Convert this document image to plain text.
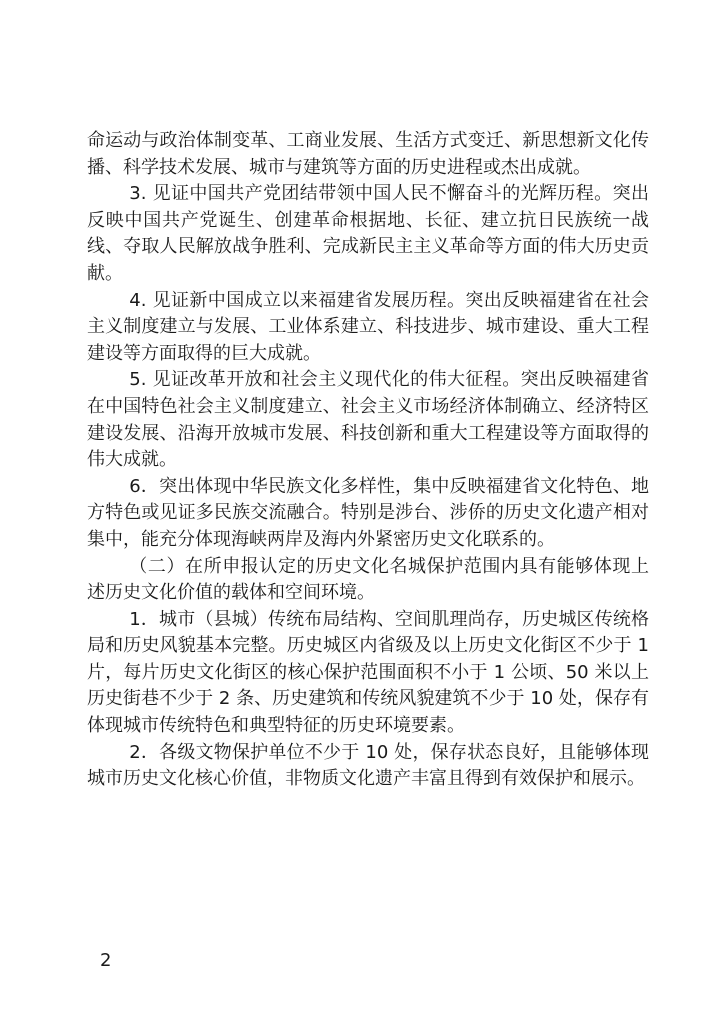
命运动与政治体制变革、工商业发展、生活方式变迁、新思想新文化传播、科学技术发展、城市与建筑等方面的历史进程或杰出成就。

3. 见证中国共产党团结带领中国人民不懈奋斗的光辉历程。突出反映中国共产党诞生、创建革命根据地、长征、建立抗日民族统一战线、夺取人民解放战争胜利、完成新民主主义革命等方面的伟大历史贡献。

4. 见证新中国成立以来福建省发展历程。突出反映福建省在社会主义制度建立与发展、工业体系建立、科技进步、城市建设、重大工程建设等方面取得的巨大成就。

5. 见证改革开放和社会主义现代化的伟大征程。突出反映福建省在中国特色社会主义制度建立、社会主义市场经济体制确立、经济特区建设发展、沿海开放城市发展、科技创新和重大工程建设等方面取得的伟大成就。

6．突出体现中华民族文化多样性，集中反映福建省文化特色、地方特色或见证多民族交流融合。特别是涉台、涉侨的历史文化遗产相对集中，能充分体现海峡两岸及海内外紧密历史文化联系的。

（二）在所申报认定的历史文化名城保护范围内具有能够体现上述历史文化价值的载体和空间环境。

1．城市（县城）传统布局结构、空间肌理尚存，历史城区传统格局和历史风貌基本完整。历史城区内省级及以上历史文化街区不少于 1 片，每片历史文化街区的核心保护范围面积不小于 1 公顷、50 米以上历史街巷不少于 2 条、历史建筑和传统风貌建筑不少于 10 处，保存有体现城市传统特色和典型特征的历史环境要素。

2．各级文物保护单位不少于 10 处，保存状态良好，且能够体现城市历史文化核心价值，非物质文化遗产丰富且得到有效保护和展示。

2
